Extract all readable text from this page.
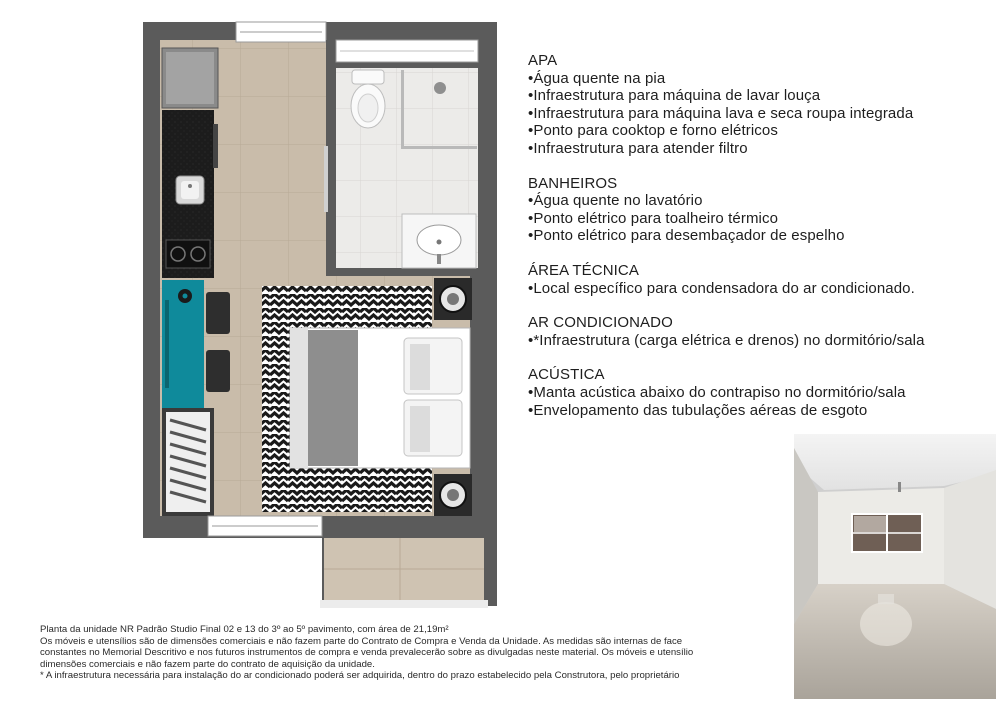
APA
• Água quente na pia
• Infraestrutura para máquina de lavar louça
• Infraestrutura para máquina lava e seca roupa integrada
• Ponto para cooktop e forno elétricos
• Infraestrutura para atender filtro
BANHEIROS
• Água quente no lavatório
• Ponto elétrico para toalheiro térmico
• Ponto elétrico para desembaçador de espelho
ÁREA TÉCNICA
• Local específico para condensadora do ar condicionado.
AR CONDICIONADO
• *Infraestrutura (carga elétrica e drenos) no dormitório/sala
ACÚSTICA
• Manta acústica abaixo do contrapiso no dormitório/sala
• Envelopamento das tubulações aéreas de esgoto
Planta da unidade NR Padrão Studio Final 02 e 13 do 3º ao 5º pavimento, com área de 21,19m²
Os móveis e utensílios são de dimensões comerciais e não fazem parte do Contrato de Compra e Venda da Unidade. As medidas são internas de face
constantes no Memorial Descritivo e nos futuros instrumentos de compra e venda prevalecerão sobre as divulgadas neste material. Os móveis e utensílio
dimensões comerciais e não fazem parte do contrato de aquisição da unidade.
* A infraestrutura necessária para instalação do ar condicionado poderá ser adquirida, dentro do prazo estabelecido pela Construtora, pelo proprietário
